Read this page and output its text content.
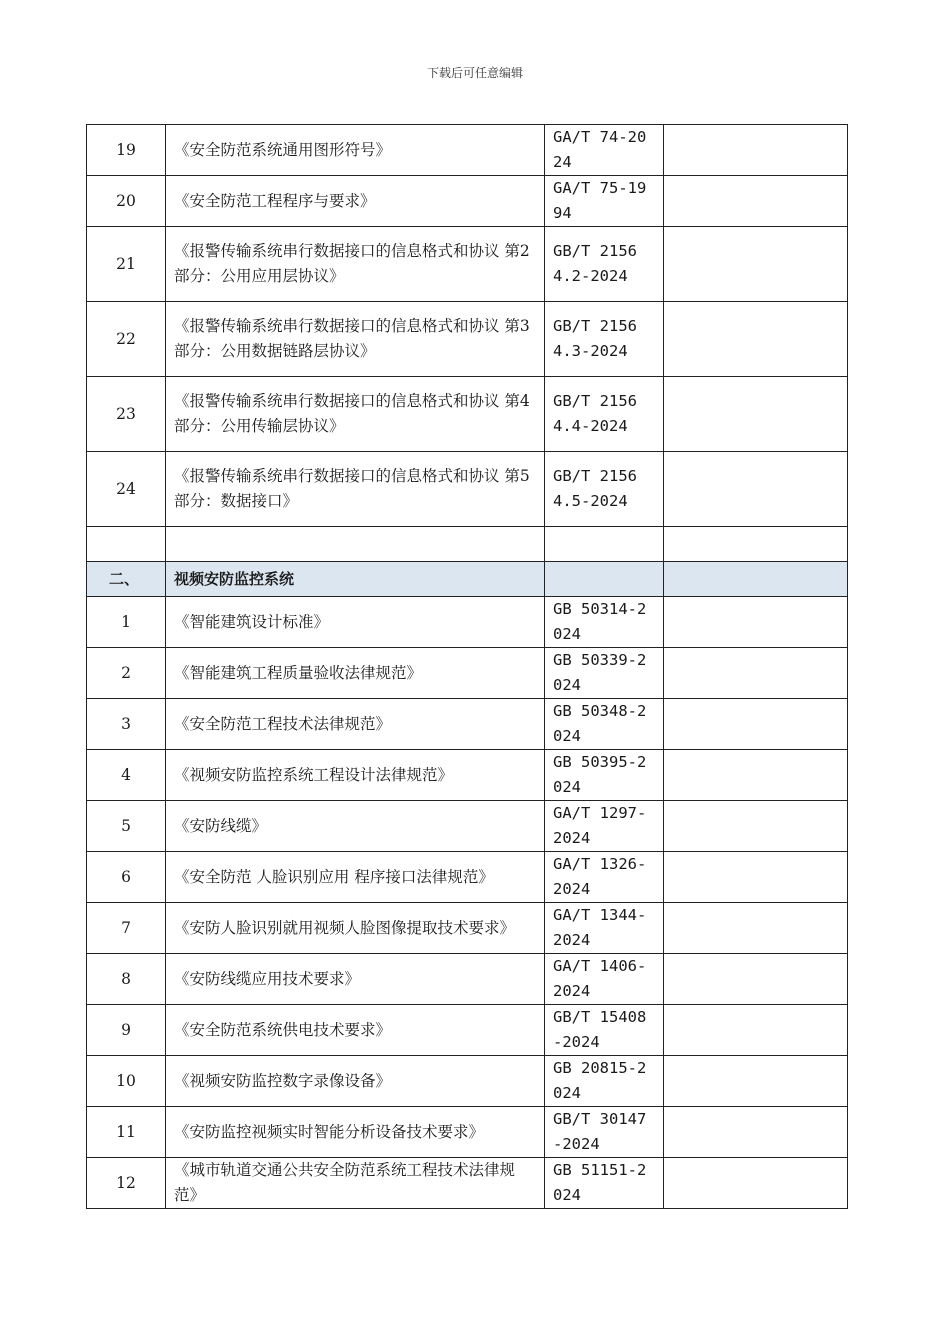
下载后可任意编辑
19	《安全防范系统通用图形符号》	GA/T 74-2024	
20	《安全防范工程程序与要求》	GA/T 75-1994	
21	《报警传输系统串行数据接口的信息格式和协议 第2部分：公用应用层协议》	GB/T 21564.2-2024	
22	《报警传输系统串行数据接口的信息格式和协议 第3部分：公用数据链路层协议》	GB/T 21564.3-2024	
23	《报警传输系统串行数据接口的信息格式和协议 第4部分：公用传输层协议》	GB/T 21564.4-2024	
24	《报警传输系统串行数据接口的信息格式和协议 第5部分：数据接口》	GB/T 21564.5-2024	

二、	视频安防监控系统		
1	《智能建筑设计标准》	GB 50314-2024	
2	《智能建筑工程质量验收法律规范》	GB 50339-2024	
3	《安全防范工程技术法律规范》	GB 50348-2024	
4	《视频安防监控系统工程设计法律规范》	GB 50395-2024	
5	《安防线缆》	GA/T 1297-2024	
6	《安全防范 人脸识别应用 程序接口法律规范》	GA/T 1326-2024	
7	《安防人脸识别就用视频人脸图像提取技术要求》	GA/T 1344-2024	
8	《安防线缆应用技术要求》	GA/T 1406-2024	
9	《安全防范系统供电技术要求》	GB/T 15408-2024	
10	《视频安防监控数字录像设备》	GB 20815-2024	
11	《安防监控视频实时智能分析设备技术要求》	GB/T 30147-2024	
12	《城市轨道交通公共安全防范系统工程技术法律规范》	GB 51151-2024	
